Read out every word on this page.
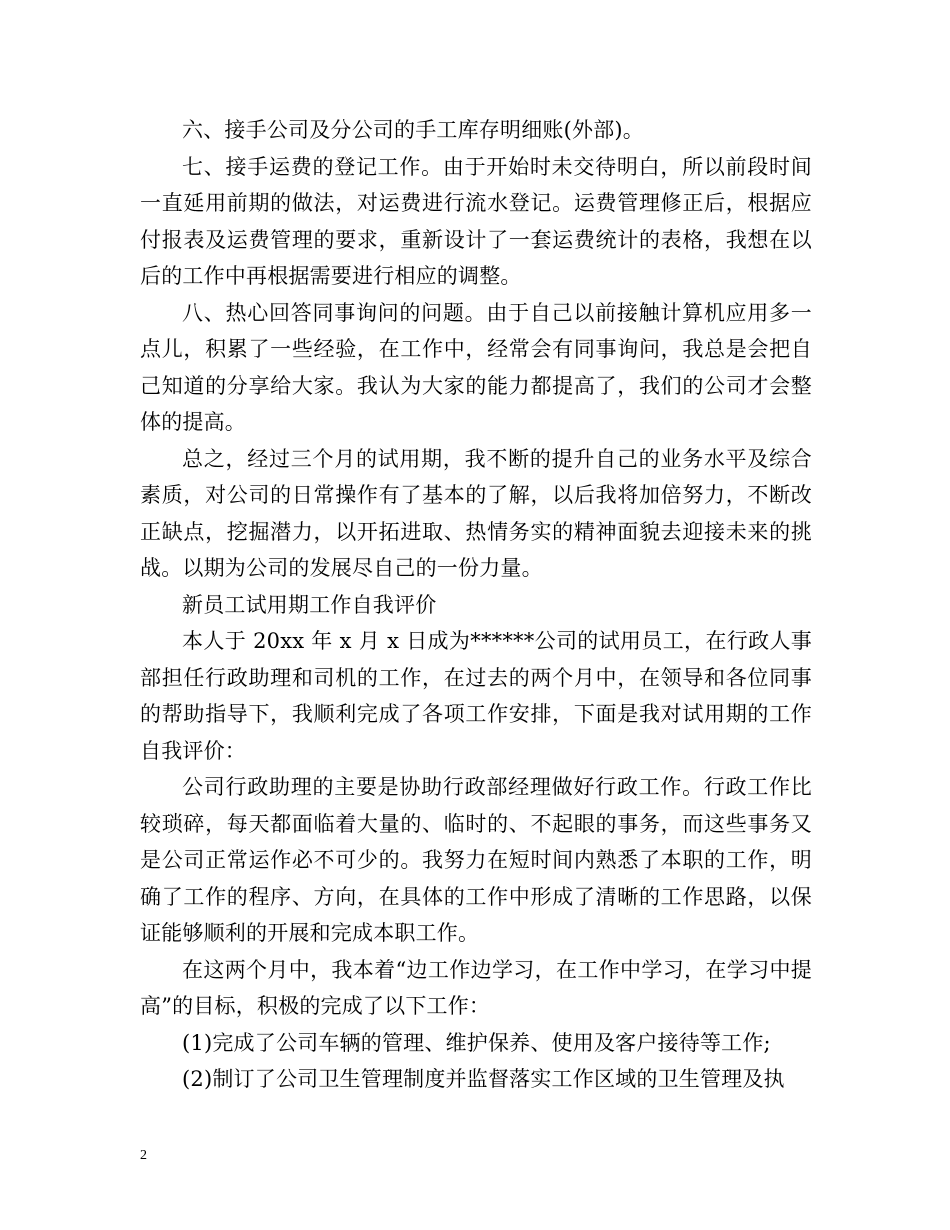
六、接手公司及分公司的手工库存明细账(外部)。

七、接手运费的登记工作。由于开始时未交待明白，所以前段时间一直延用前期的做法，对运费进行流水登记。运费管理修正后，根据应付报表及运费管理的要求，重新设计了一套运费统计的表格，我想在以后的工作中再根据需要进行相应的调整。

八、热心回答同事询问的问题。由于自己以前接触计算机应用多一点儿，积累了一些经验，在工作中，经常会有同事询问，我总是会把自己知道的分享给大家。我认为大家的能力都提高了，我们的公司才会整体的提高。

总之，经过三个月的试用期，我不断的提升自己的业务水平及综合素质，对公司的日常操作有了基本的了解，以后我将加倍努力，不断改正缺点，挖掘潜力，以开拓进取、热情务实的精神面貌去迎接未来的挑战。以期为公司的发展尽自己的一份力量。

新员工试用期工作自我评价

本人于 20xx 年 x 月 x 日成为******公司的试用员工，在行政人事部担任行政助理和司机的工作，在过去的两个月中，在领导和各位同事的帮助指导下，我顺利完成了各项工作安排，下面是我对试用期的工作自我评价：

公司行政助理的主要是协助行政部经理做好行政工作。行政工作比较琐碎，每天都面临着大量的、临时的、不起眼的事务，而这些事务又是公司正常运作必不可少的。我努力在短时间内熟悉了本职的工作，明确了工作的程序、方向，在具体的工作中形成了清晰的工作思路，以保证能够顺利的开展和完成本职工作。

在这两个月中，我本着“边工作边学习，在工作中学习，在学习中提高”的目标，积极的完成了以下工作：

(1)完成了公司车辆的管理、维护保养、使用及客户接待等工作;

(2)制订了公司卫生管理制度并监督落实工作区域的卫生管理及执

2
